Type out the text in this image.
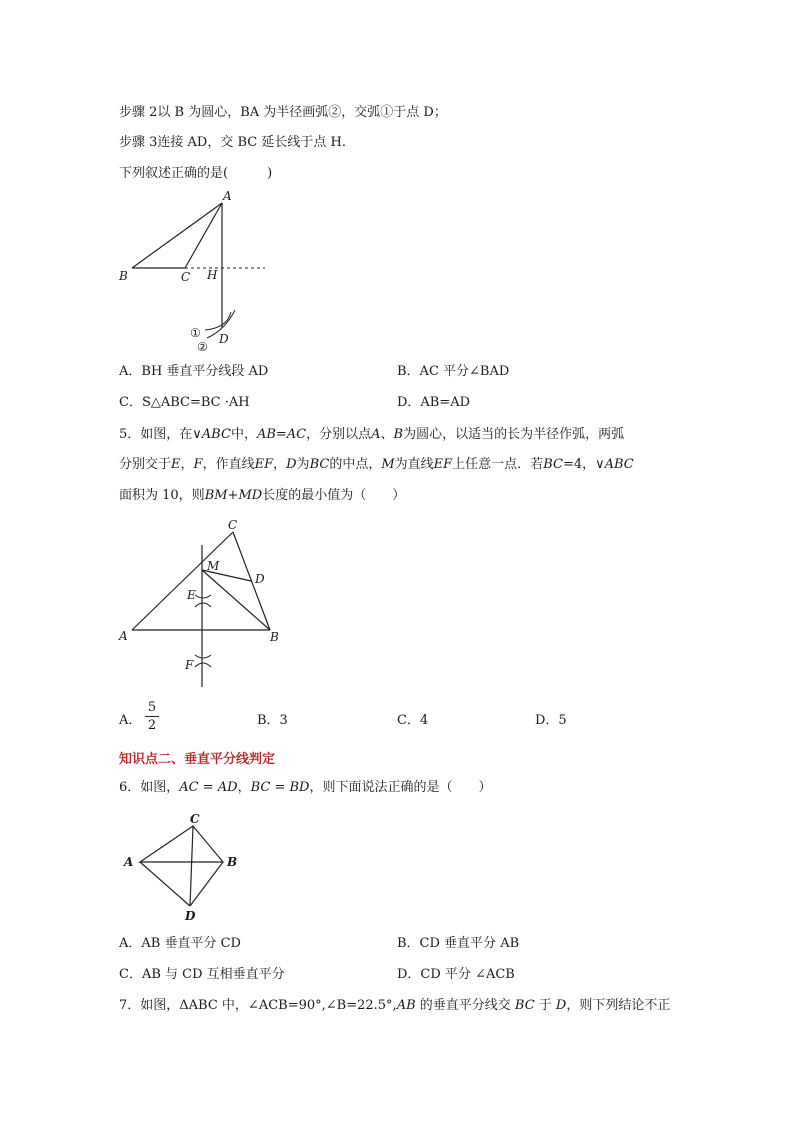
步骤 2以 B 为圆心，BA 为半径画弧②，交弧①于点 D；
步骤 3连接 AD，交 BC 延长线于点 H.
下列叙述正确的是(　　　)
A
B	C H
D
①
②
A．BH 垂直平分线段 AD	B．AC 平分∠BAD
C．S△ABC=BC ·AH	D．AB=AD
5．如图，在∨ABC中，AB=AC，分别以点A、B为圆心，以适当的长为半径作弧，两弧
分别交于E，F，作直线EF，D为BC的中点，M为直线EF上任意一点．若BC=4，∨ABC
面积为 10，则BM+MD长度的最小值为（　　）
C
M
D
E
A	B
F
A．
5
2	B．3	C．4	D．5
知识点二、垂直平分线判定
6．如图，AC = AD，BC = BD，则下面说法正确的是（　　）
C
A	B
D
A．AB 垂直平分 CD	B．CD 垂直平分 AB
C．AB 与 CD 互相垂直平分	D．CD 平分 ∠ACB
7．如图，ΔABC 中，∠ACB=90°,∠B=22.5°,AB 的垂直平分线交 BC 于 D，则下列结论不正
